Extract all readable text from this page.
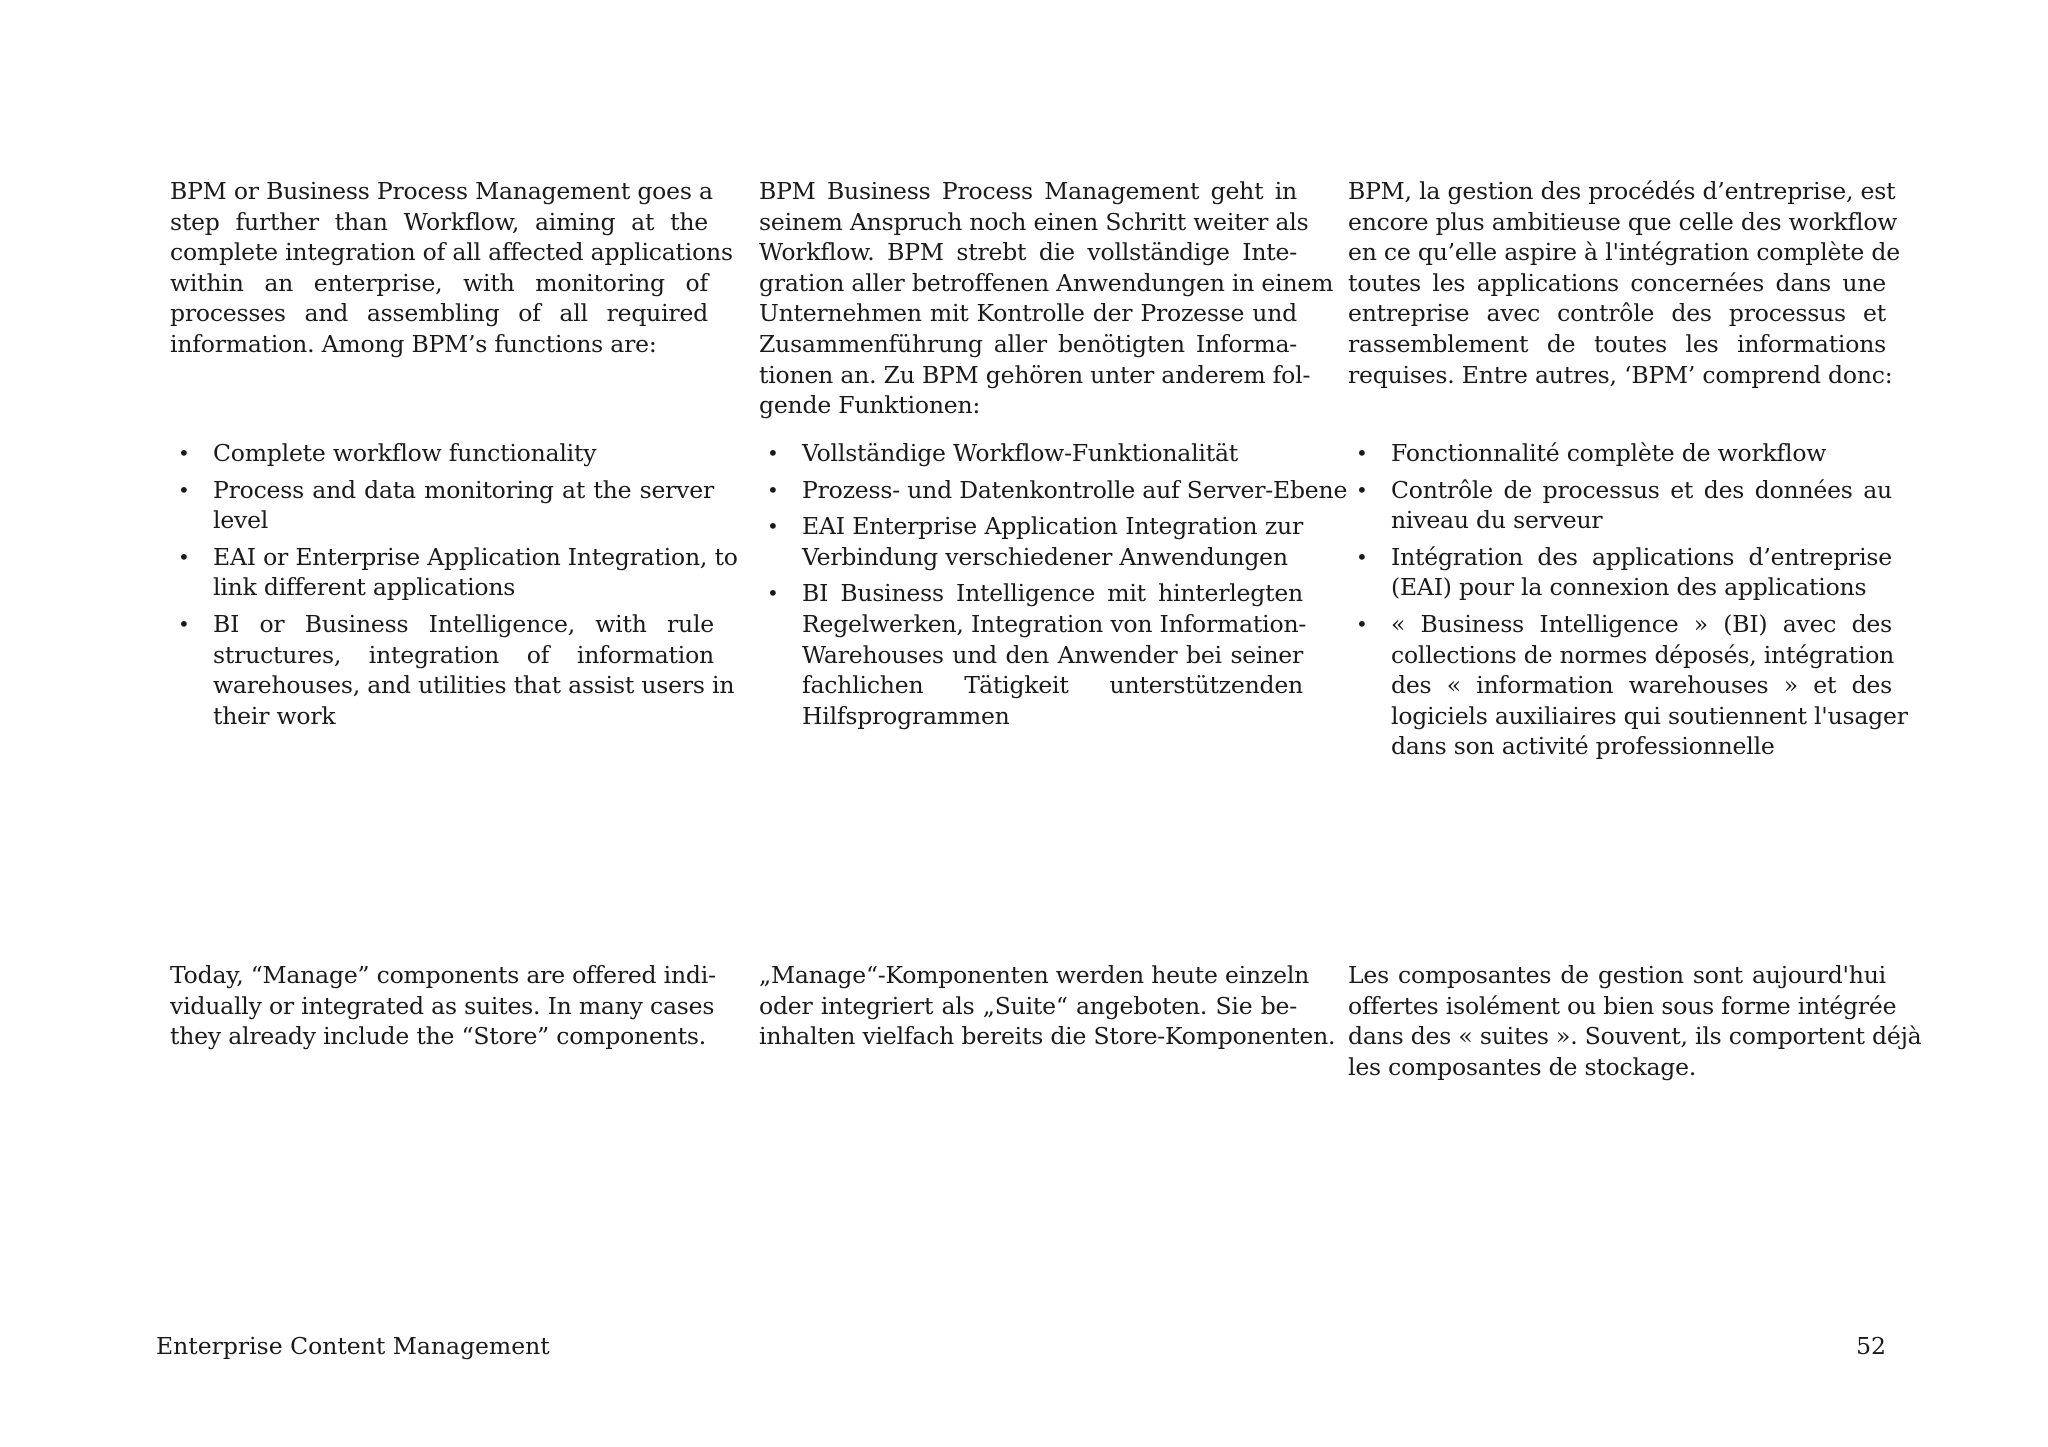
BPM or Business Process Management goes a
step further than Workflow, aiming at the
complete integration of all affected applications
within an enterprise, with monitoring of
processes and assembling of all required
information. Among BPM’s functions are:
• Complete workflow functionality
• Process and data monitoring at the server
level
• EAI or Enterprise Application Integration, to
link different applications
• BI or Business Intelligence, with rule
structures, integration of information
warehouses, and utilities that assist users in
their work
Today, “Manage” components are offered indi-
vidually or integrated as suites. In many cases
they already include the “Store” components.
BPM Business Process Management geht in
seinem Anspruch noch einen Schritt weiter als
Workflow. BPM strebt die vollständige Inte-
gration aller betroffenen Anwendungen in einem
Unternehmen mit Kontrolle der Prozesse und
Zusammenführung aller benötigten Informa-
tionen an. Zu BPM gehören unter anderem fol-
gende Funktionen:
• Vollständige Workflow-Funktionalität
• Prozess- und Datenkontrolle auf Server-Ebene
• EAI Enterprise Application Integration zur
Verbindung verschiedener Anwendungen
• BI Business Intelligence mit hinterlegten
Regelwerken, Integration von Information-
Warehouses und den Anwender bei seiner
fachlichen Tätigkeit unterstützenden
Hilfsprogrammen
„Manage“-Komponenten werden heute einzeln
oder integriert als „Suite“ angeboten. Sie be-
inhalten vielfach bereits die Store-Komponenten.
BPM, la gestion des procédés d’entreprise, est
encore plus ambitieuse que celle des workflow
en ce qu’elle aspire à l'intégration complète de
toutes les applications concernées dans une
entreprise avec contrôle des processus et
rassemblement de toutes les informations
requises. Entre autres, ‘BPM’ comprend donc:
• Fonctionnalité complète de workflow
• Contrôle de processus et des données au
niveau du serveur
• Intégration des applications d’entreprise
(EAI) pour la connexion des applications
• « Business Intelligence » (BI) avec des
collections de normes déposés, intégration
des « information warehouses » et des
logiciels auxiliaires qui soutiennent l'usager
dans son activité professionnelle
Les composantes de gestion sont aujourd'hui
offertes isolément ou bien sous forme intégrée
dans des « suites ». Souvent, ils comportent déjà
les composantes de stockage.
Enterprise Content Management	52
